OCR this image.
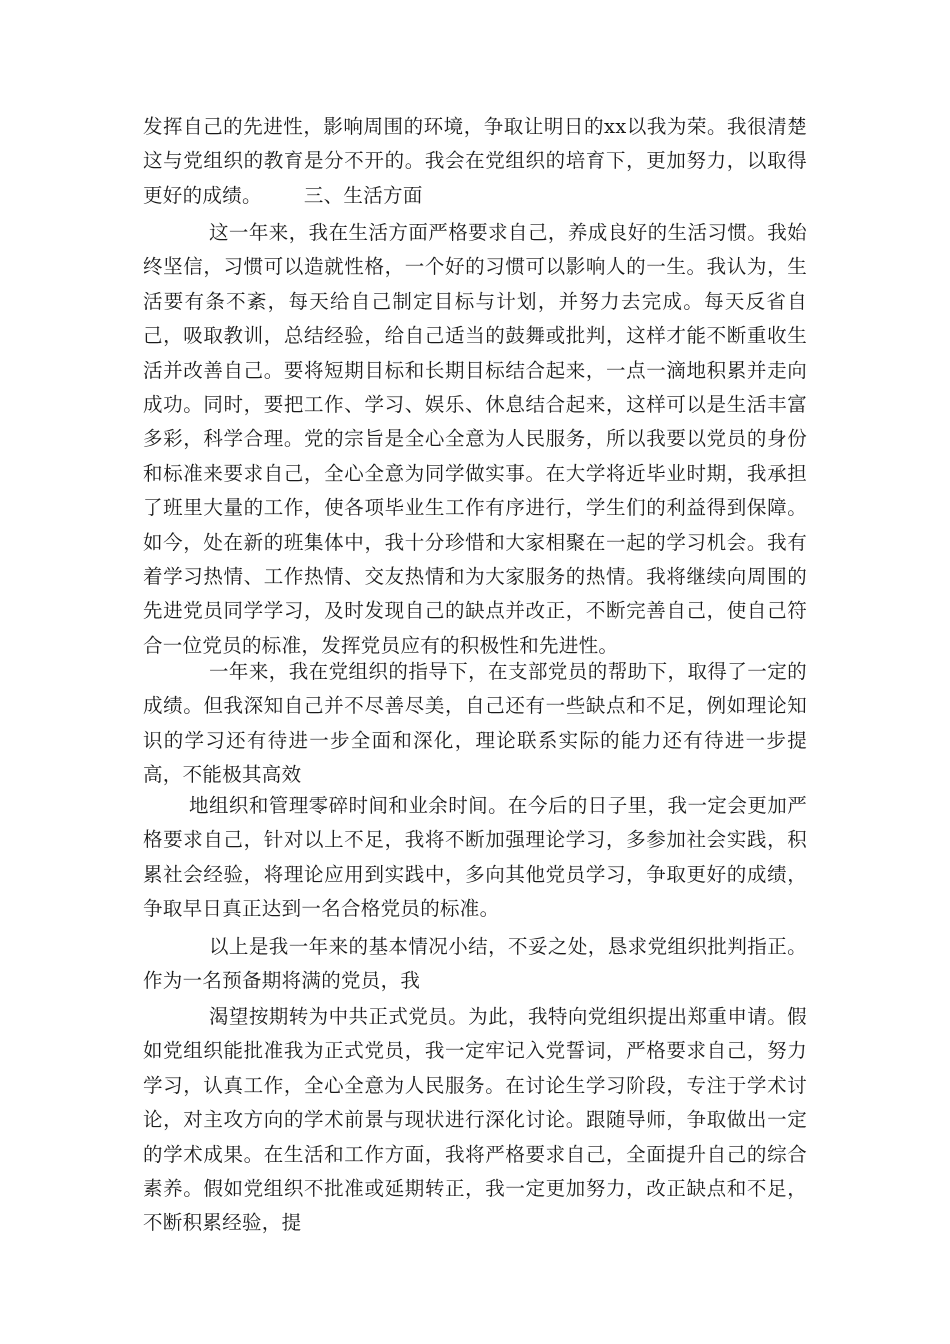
发挥自己的先进性，影响周围的环境，争取让明日的xx以我为荣。我很清楚这与党组织的教育是分不开的。我会在党组织的培育下，更加努力，以取得更好的成绩。 三、生活方面

这一年来，我在生活方面严格要求自己，养成良好的生活习惯。我始终坚信，习惯可以造就性格，一个好的习惯可以影响人的一生。我认为，生活要有条不紊，每天给自己制定目标与计划，并努力去完成。每天反省自己，吸取教训，总结经验，给自己适当的鼓舞或批判，这样才能不断重收生活并改善自己。要将短期目标和长期目标结合起来，一点一滴地积累并走向成功。同时，要把工作、学习、娱乐、休息结合起来，这样可以是生活丰富多彩，科学合理。党的宗旨是全心全意为人民服务，所以我要以党员的身份和标准来要求自己，全心全意为同学做实事。在大学将近毕业时期，我承担了班里大量的工作，使各项毕业生工作有序进行，学生们的利益得到保障。如今，处在新的班集体中，我十分珍惜和大家相聚在一起的学习机会。我有着学习热情、工作热情、交友热情和为大家服务的热情。我将继续向周围的先进党员同学学习，及时发现自己的缺点并改正，不断完善自己，使自己符合一位党员的标准，发挥党员应有的积极性和先进性。

一年来，我在党组织的指导下，在支部党员的帮助下，取得了一定的成绩。但我深知自己并不尽善尽美，自己还有一些缺点和不足，例如理论知识的学习还有待进一步全面和深化，理论联系实际的能力还有待进一步提高，不能极其高效

地组织和管理零碎时间和业余时间。在今后的日子里，我一定会更加严格要求自己，针对以上不足，我将不断加强理论学习，多参加社会实践，积累社会经验，将理论应用到实践中，多向其他党员学习，争取更好的成绩，争取早日真正达到一名合格党员的标准。

以上是我一年来的基本情况小结，不妥之处，恳求党组织批判指正。作为一名预备期将满的党员，我

渴望按期转为中共正式党员。为此，我特向党组织提出郑重申请。假如党组织能批准我为正式党员，我一定牢记入党誓词，严格要求自己，努力学习，认真工作，全心全意为人民服务。在讨论生学习阶段，专注于学术讨论，对主攻方向的学术前景与现状进行深化讨论。跟随导师，争取做出一定的学术成果。在生活和工作方面，我将严格要求自己，全面提升自己的综合素养。假如党组织不批准或延期转正，我一定更加努力，改正缺点和不足，不断积累经验，提
